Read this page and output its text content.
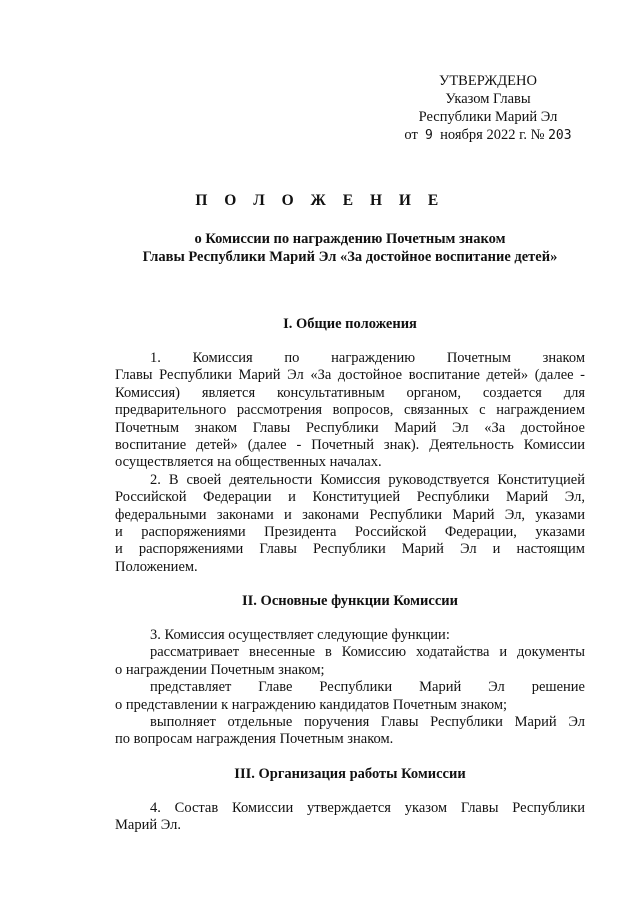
УТВЕРЖДЕНО
Указом Главы
Республики Марий Эл
от 9 ноября 2022 г. № 203
П О Л О Ж Е Н И Е
о Комиссии по награждению Почетным знаком
Главы Республики Марий Эл «За достойное воспитание детей»
I. Общие положения
1. Комиссия по награждению Почетным знаком
Главы Республики Марий Эл «За достойное воспитание детей» (далее -
Комиссия) является консультативным органом, создается для
предварительного рассмотрения вопросов, связанных с награждением
Почетным знаком Главы Республики Марий Эл «За достойное
воспитание детей» (далее - Почетный знак). Деятельность Комиссии
осуществляется на общественных началах.
2. В своей деятельности Комиссия руководствуется Конституцией
Российской Федерации и Конституцией Республики Марий Эл,
федеральными законами и законами Республики Марий Эл, указами
и распоряжениями Президента Российской Федерации, указами
и распоряжениями Главы Республики Марий Эл и настоящим
Положением.
II. Основные функции Комиссии
3. Комиссия осуществляет следующие функции:
рассматривает внесенные в Комиссию ходатайства и документы
о награждении Почетным знаком;
представляет Главе Республики Марий Эл решение
о представлении к награждению кандидатов Почетным знаком;
выполняет отдельные поручения Главы Республики Марий Эл
по вопросам награждения Почетным знаком.
III. Организация работы Комиссии
4. Состав Комиссии утверждается указом Главы Республики
Марий Эл.
